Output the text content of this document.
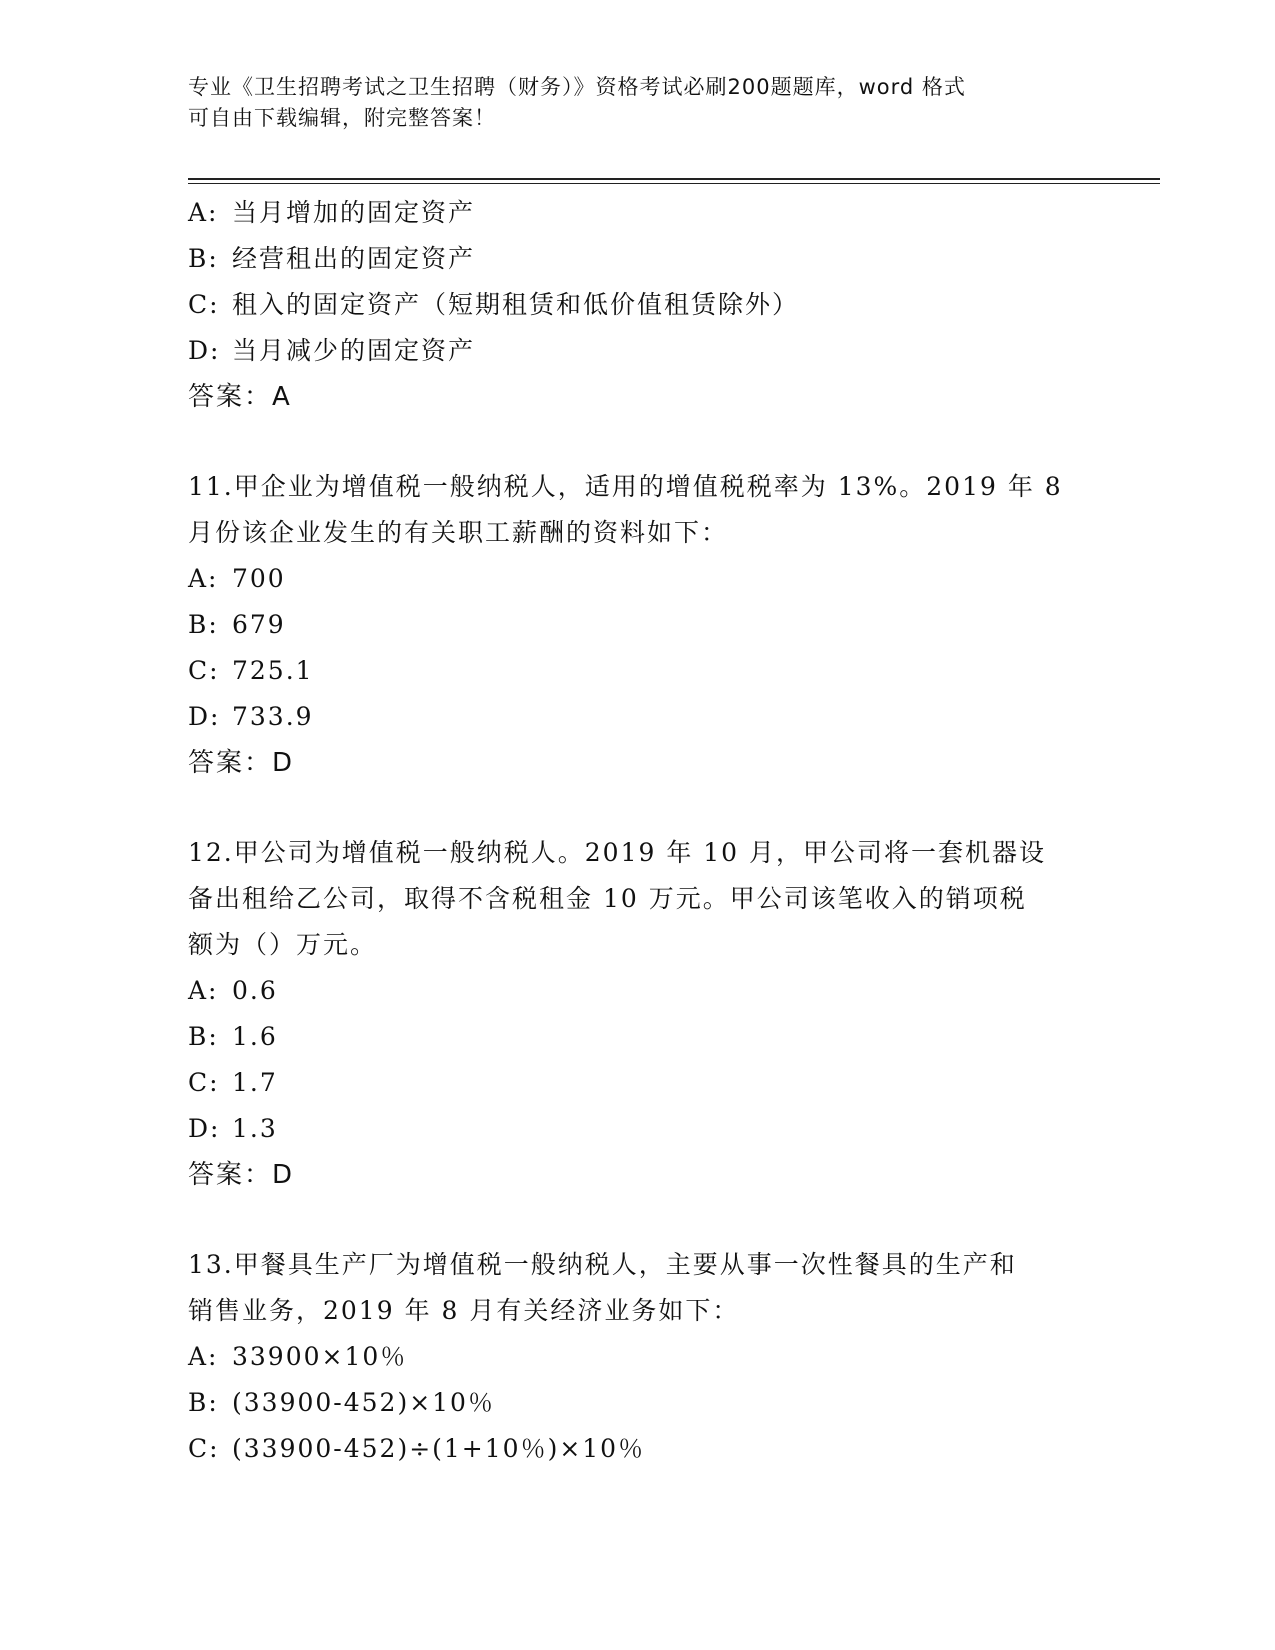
专业《卫生招聘考试之卫生招聘（财务）》资格考试必刷200题题库，word 格式
可自由下载编辑，附完整答案！
A: 当月增加的固定资产
B: 经营租出的固定资产
C: 租入的固定资产（短期租赁和低价值租赁除外）
D: 当月减少的固定资产
答案：A
11.甲企业为增值税一般纳税人，适用的增值税税率为 13%。2019 年 8
月份该企业发生的有关职工薪酬的资料如下：
A: 700
B: 679
C: 725.1
D: 733.9
答案：D
12.甲公司为增值税一般纳税人。2019 年 10 月，甲公司将一套机器设
备出租给乙公司，取得不含税租金 10 万元。甲公司该笔收入的销项税
额为（）万元。
A: 0.6
B: 1.6
C: 1.7
D: 1.3
答案：D
13.甲餐具生产厂为增值税一般纳税人，主要从事一次性餐具的生产和
销售业务，2019 年 8 月有关经济业务如下：
A: 33900×10％
B: (33900-452)×10％
C: (33900-452)÷(1+10％)×10％
